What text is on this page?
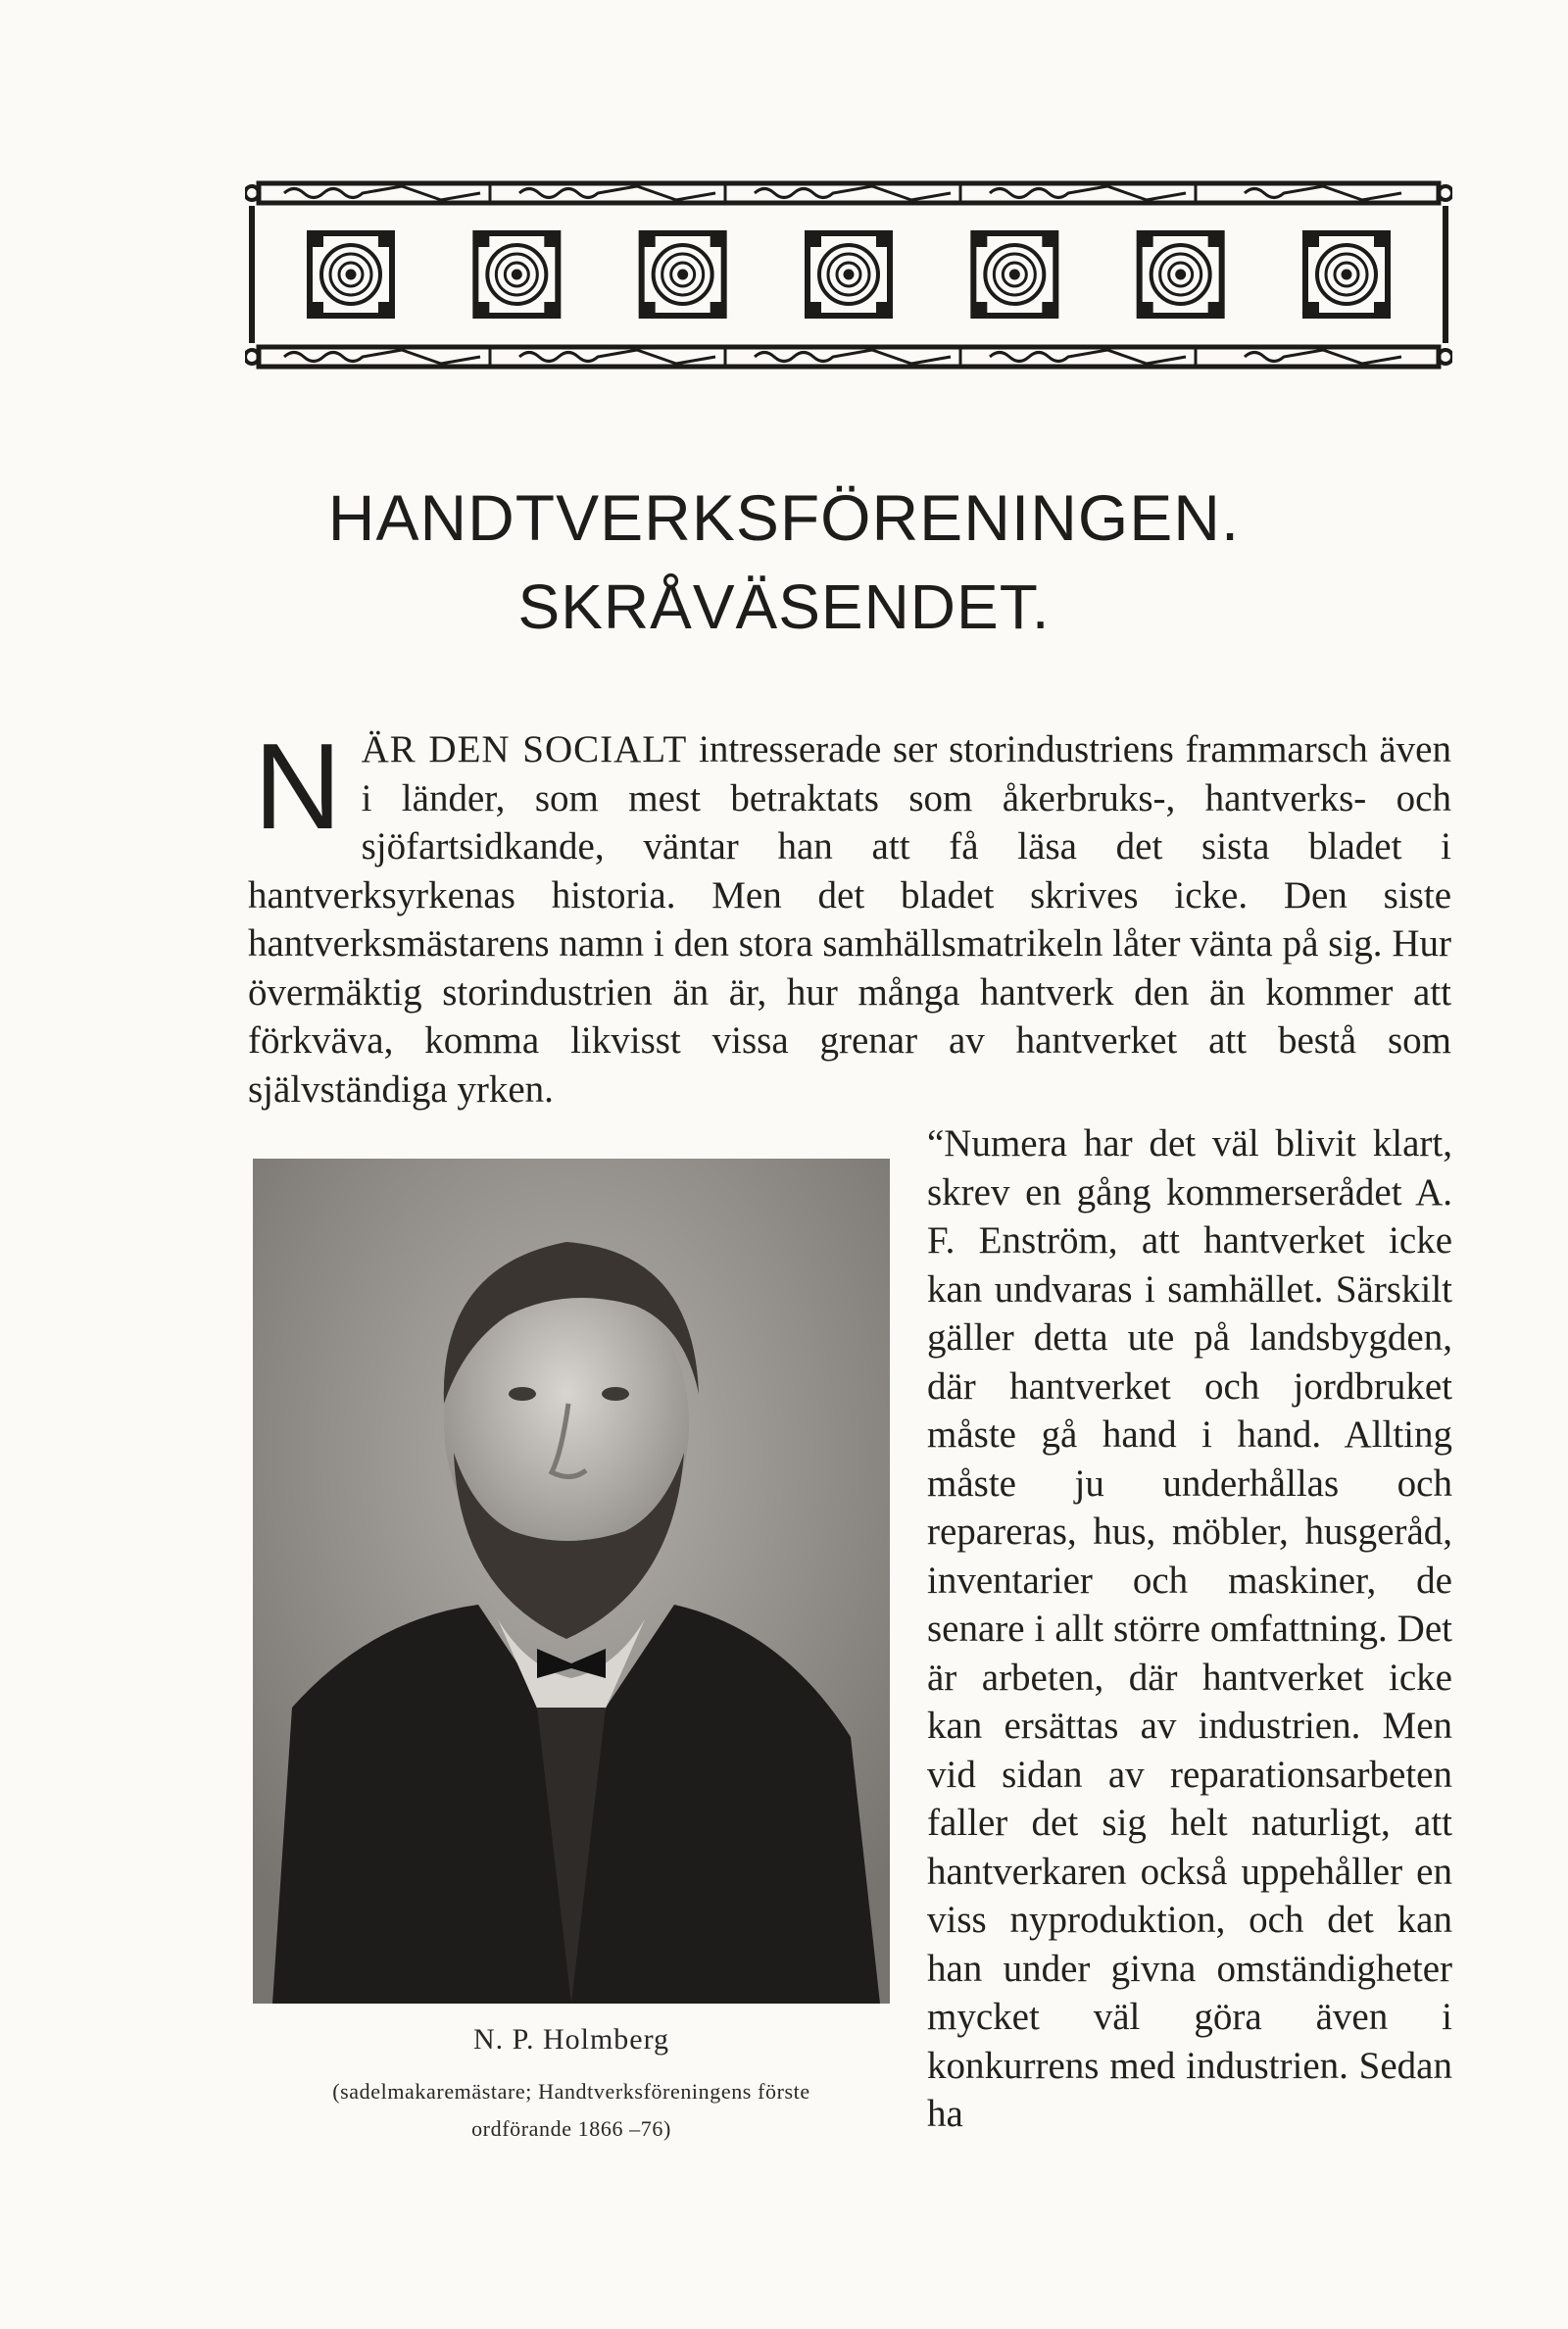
HANDTVERKSFÖRENINGEN.
SKRÅVÄSENDET.

NÄR DEN SOCIALT intresserade ser storindustriens frammarsch även i länder, som mest betraktats som åkerbruks-, hantverks- och sjöfartsidkande, väntar han att få läsa det sista bladet i hantverksyrkenas historia. Men det bladet skrives icke. Den siste hantverksmästarens namn i den stora samhällsmatrikeln låter vänta på sig. Hur övermäktig storindustrien än är, hur många hantverk den än kommer att förkväva, komma likvisst vissa grenar av hantverket att bestå som självständiga yrken.

N. P. Holmberg

(sadelmakaremästare; Handtverksföreningens förste
ordförande 1866 –76)

“Numera har det väl blivit klart, skrev en gång kommerserådet A. F. Enström, att hantverket icke kan undvaras i samhället. Särskilt gäller detta ute på landsbygden, där hantverket och jordbruket måste gå hand i hand. Allting måste ju underhållas och repareras, hus, möbler, husgeråd, inventarier och maskiner, de senare i allt större omfattning. Det är arbeten, där hantverket icke kan ersättas av industrien. Men vid sidan av reparationsarbeten faller det sig helt naturligt, att hantverkaren också uppehåller en viss nyproduktion, och det kan han under givna omständigheter mycket väl göra även i konkurrens med industrien. Sedan ha
